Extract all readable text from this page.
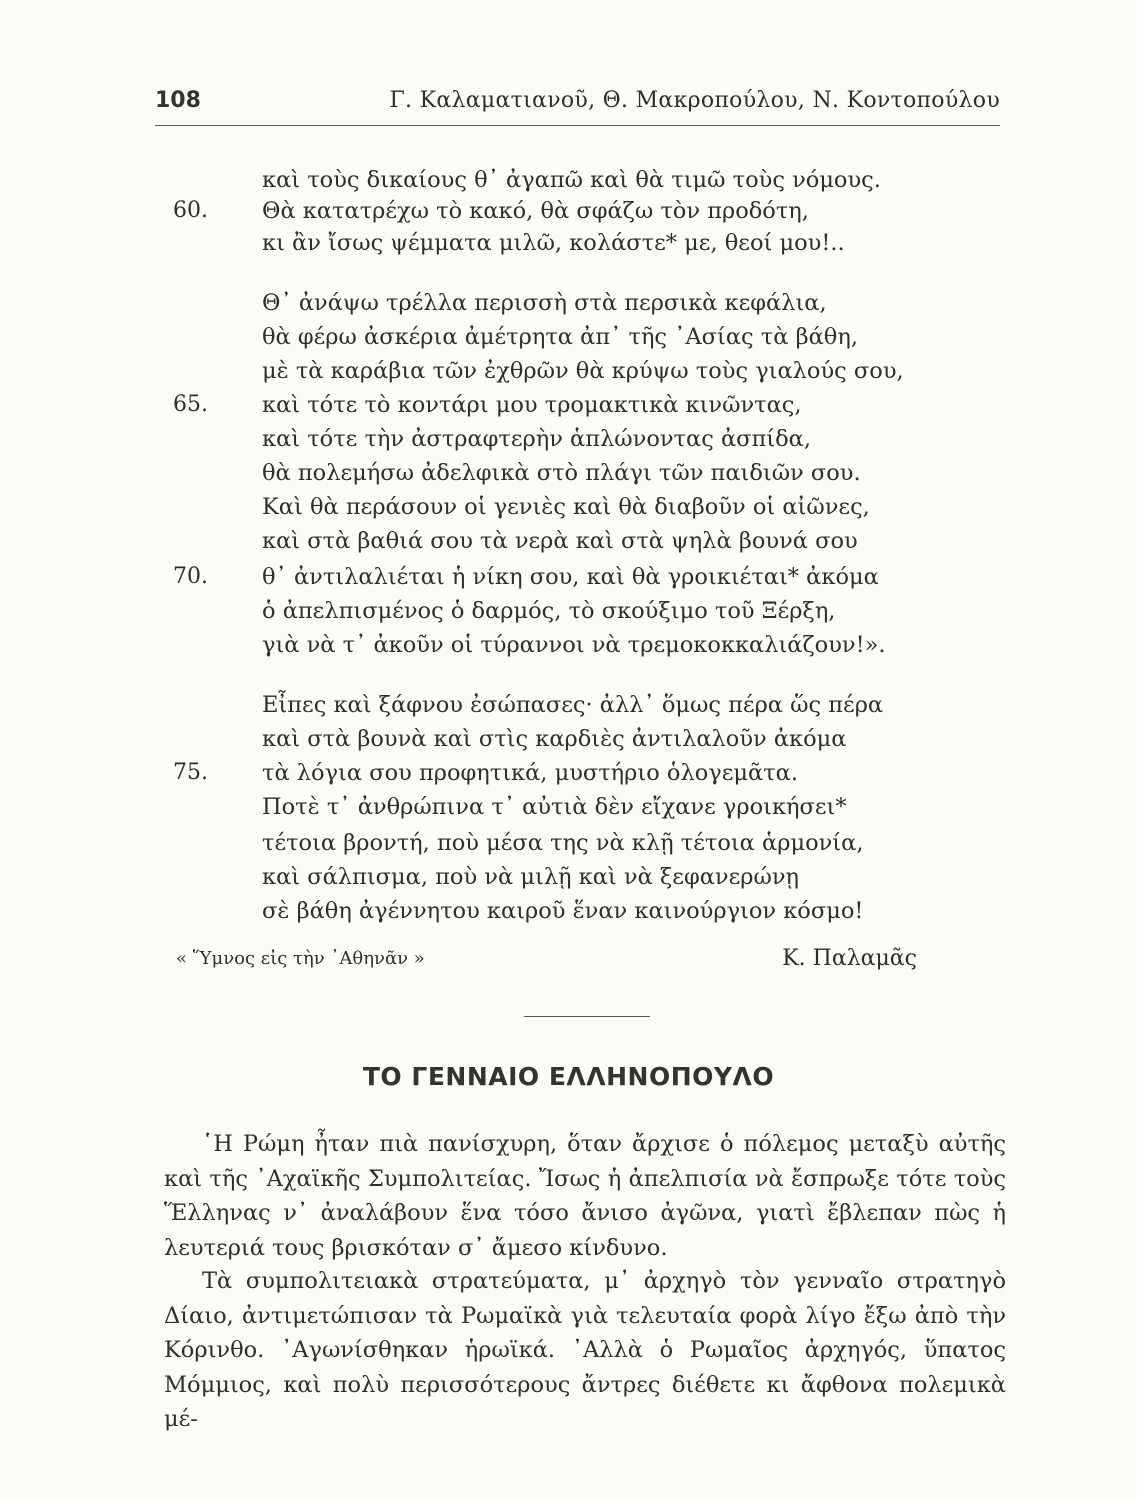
108	Γ. Καλαματιανοῦ, Θ. Μακροπούλου, Ν. Κοντοπούλου
καὶ τοὺς δικαίους θ᾽ ἀγαπῶ καὶ θὰ τιμῶ τοὺς νόμους.
60. Θὰ κατατρέχω τὸ κακό, θὰ σφάζω τὸν προδότη,
κι ἂν ἴσως ψέμματα μιλῶ, κολάστε* με, θεοί μου!..
Θ᾽ ἀνάψω τρέλλα περισσὴ στὰ περσικὰ κεφάλια,
θὰ φέρω ἀσκέρια ἀμέτρητα ἀπ᾽ τῆς ᾽Ασίας τὰ βάθη,
μὲ τὰ καράβια τῶν ἐχθρῶν θὰ κρύψω τοὺς γιαλούς σου,
65. καὶ τότε τὸ κοντάρι μου τρομακτικὰ κινῶντας,
καὶ τότε τὴν ἀστραφτερὴν ἁπλώνοντας ἀσπίδα,
θὰ πολεμήσω ἀδελφικὰ στὸ πλάγι τῶν παιδιῶν σου.
Καὶ θὰ περάσουν οἱ γενιὲς καὶ θὰ διαβοῦν οἱ αἰῶνες,
καὶ στὰ βαθιά σου τὰ νερὰ καὶ στὰ ψηλὰ βουνά σου
70. θ᾽ ἀντιλαλιέται ἡ νίκη σου, καὶ θὰ γροικιέται* ἀκόμα
ὁ ἀπελπισμένος ὁ δαρμός, τὸ σκούξιμο τοῦ Ξέρξη,
γιὰ νὰ τ᾽ ἀκοῦν οἱ τύραννοι νὰ τρεμοκοκκαλιάζουν!».
Εἶπες καὶ ξάφνου ἐσώπασες· ἀλλ᾽ ὅμως πέρα ὥς πέρα
καὶ στὰ βουνὰ καὶ στὶς καρδιὲς ἀντιλαλοῦν ἀκόμα
75. τὰ λόγια σου προφητικά, μυστήριο ὁλογεμᾶτα.
Ποτὲ τ᾽ ἀνθρώπινα τ᾽ αὐτιὰ δὲν εἴχανε γροικήσει*
τέτοια βροντή, ποὺ μέσα της νὰ κλῇ τέτοια ἁρμονία,
καὶ σάλπισμα, ποὺ νὰ μιλῇ καὶ νὰ ξεφανερώνῃ
σὲ βάθη ἀγέννητου καιροῦ ἕναν καινούργιον κόσμο!
« Ὕμνος εἰς τὴν ᾽Αθηνᾶν »	Κ. Παλαμᾶς
ΤΟ ΓΕΝΝΑΙΟ ΕΛΛΗΝΟΠΟΥΛΟ

῾Η Ρώμη ἦταν πιὰ πανίσχυρη, ὅταν ἄρχισε ὁ πόλεμος μεταξὺ αὐτῆς καὶ τῆς ᾽Αχαϊκῆς Συμπολιτείας. Ἴσως ἡ ἀπελπισία νὰ ἔσπρωξε τότε τοὺς Ἕλληνας ν᾽ ἀναλάβουν ἕνα τόσο ἄνισο ἀγῶνα, γιατὶ ἔβλεπαν πὼς ἡ λευτεριά τους βρισκόταν σ᾽ ἄμεσο κίνδυνο.

Τὰ συμπολιτειακὰ στρατεύματα, μ᾽ ἀρχηγὸ τὸν γενναῖο στρατηγὸ Δίαιο, ἀντιμετώπισαν τὰ Ρωμαϊκὰ γιὰ τελευταία φορὰ λίγο ἔξω ἀπὸ τὴν Κόρινθο. ᾽Αγωνίσθηκαν ἡρωϊκά. ᾽Αλλὰ ὁ Ρωμαῖος ἀρχηγός, ὕπατος Μόμμιος, καὶ πολὺ περισσότερους ἄντρες διέθετε κι ἄφθονα πολεμικὰ μέ-
